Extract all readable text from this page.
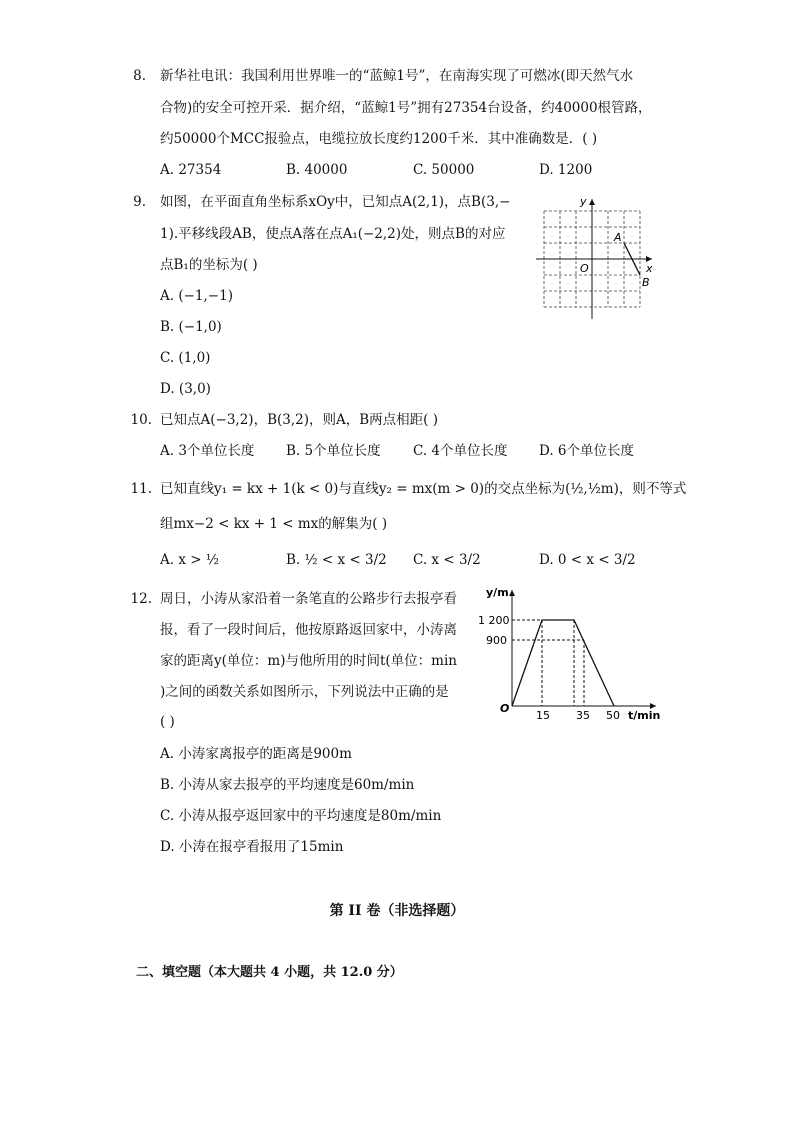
8. 新华社电讯：我国利用世界唯一的“蓝鲸1号”，在南海实现了可燃冰(即天然气水
合物)的安全可控开采．据介绍，“蓝鲸1号”拥有27354台设备，约40000根管路，
约50000个MCC报验点，电缆拉放长度约1200千米．其中准确数是．( )
A. 27354	B. 40000	C. 50000	D. 1200
9. 如图，在平面直角坐标系xOy中，已知点A(2,1)，点B(3,−
1).平移线段AB，使点A落在点A₁(−2,2)处，则点B的对应
点B₁的坐标为( )
A. (−1,−1)
B. (−1,0)
C. (1,0)
D. (3,0)
y
x
O
A
B
10. 已知点A(−3,2)，B(3,2)，则A，B两点相距( )
A. 3个单位长度 B. 5个单位长度 C. 4个单位长度 D. 6个单位长度
11. 已知直线y₁ = kx + 1(k < 0)与直线y₂ = mx(m > 0)的交点坐标为(½,½m)，则不等式
组mx−2 < kx + 1 < mx的解集为( )
A. x > ½	B. ½ < x < 3/2 C. x < 3/2	D. 0 < x < 3/2
12. 周日，小涛从家沿着一条笔直的公路步行去报亭看
报，看了一段时间后，他按原路返回家中，小涛离
家的距离y(单位：m)与他所用的时间t(单位：min
)之间的函数关系如图所示，下列说法中正确的是
( )
A. 小涛家离报亭的距离是900m
B. 小涛从家去报亭的平均速度是60m/min
C. 小涛从报亭返回家中的平均速度是80m/min
D. 小涛在报亭看报用了15min
y/m
1 200
900
O
15 35 50 t/min
第 II 卷（非选择题）
二、填空题（本大题共 4 小题，共 12.0 分）
